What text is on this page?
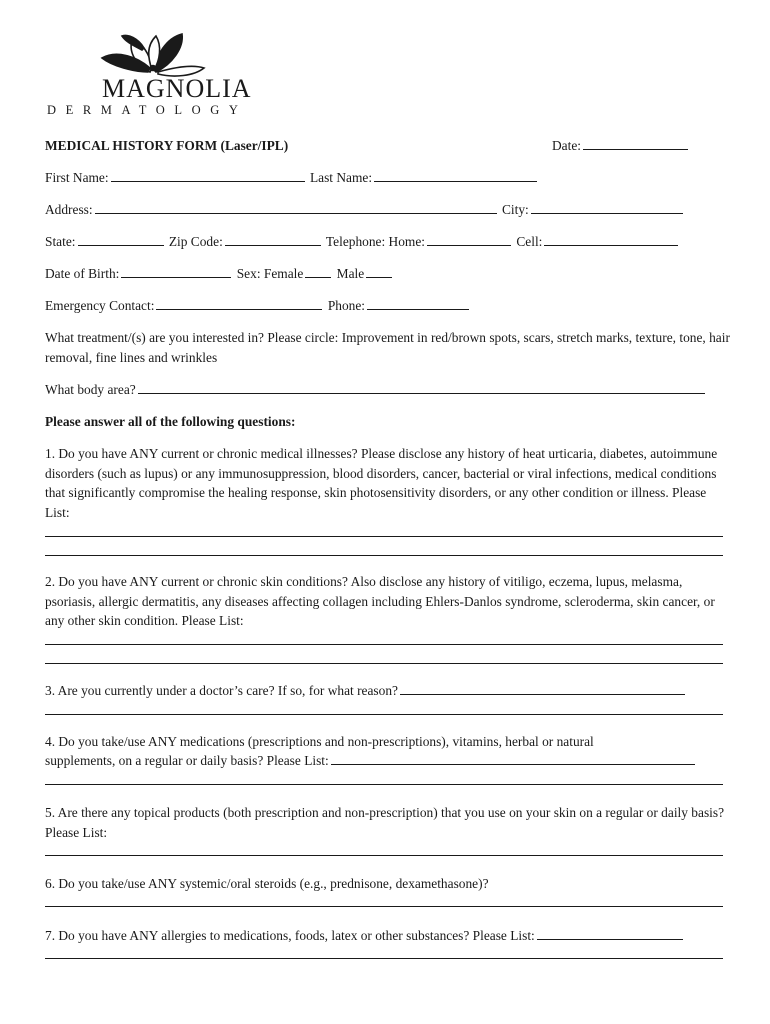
MAGNOLIA
DERMATOLOGY
MEDICAL HISTORY FORM (Laser/IPL)	Date:
First Name:	Last Name:
Address:	City:
State:	Zip Code:	Telephone: Home:	Cell:
Date of Birth:	Sex: Female Male
Emergency Contact:	Phone:
What treatment/(s) are you interested in? Please circle: Improvement in red/brown spots, scars, stretch marks, texture, tone, hair removal, fine lines and wrinkles
What body area?
Please answer all of the following questions:
1. Do you have ANY current or chronic medical illnesses? Please disclose any history of heat urticaria, diabetes, autoimmune disorders (such as lupus) or any immunosuppression, blood disorders, cancer, bacterial or viral infections, medical conditions that significantly compromise the healing response, skin photosensitivity disorders, or any other condition or illness. Please List:
2. Do you have ANY current or chronic skin conditions? Also disclose any history of vitiligo, eczema, lupus, melasma, psoriasis, allergic dermatitis, any diseases affecting collagen including Ehlers-Danlos syndrome, scleroderma, skin cancer, or any other skin condition. Please List:
3. Are you currently under a doctor’s care? If so, for what reason?
4. Do you take/use ANY medications (prescriptions and non-prescriptions), vitamins, herbal or natural
supplements, on a regular or daily basis? Please List:
5. Are there any topical products (both prescription and non-prescription) that you use on your skin on a regular or daily basis? Please List:
6. Do you take/use ANY systemic/oral steroids (e.g., prednisone, dexamethasone)?
7. Do you have ANY allergies to medications, foods, latex or other substances? Please List:
